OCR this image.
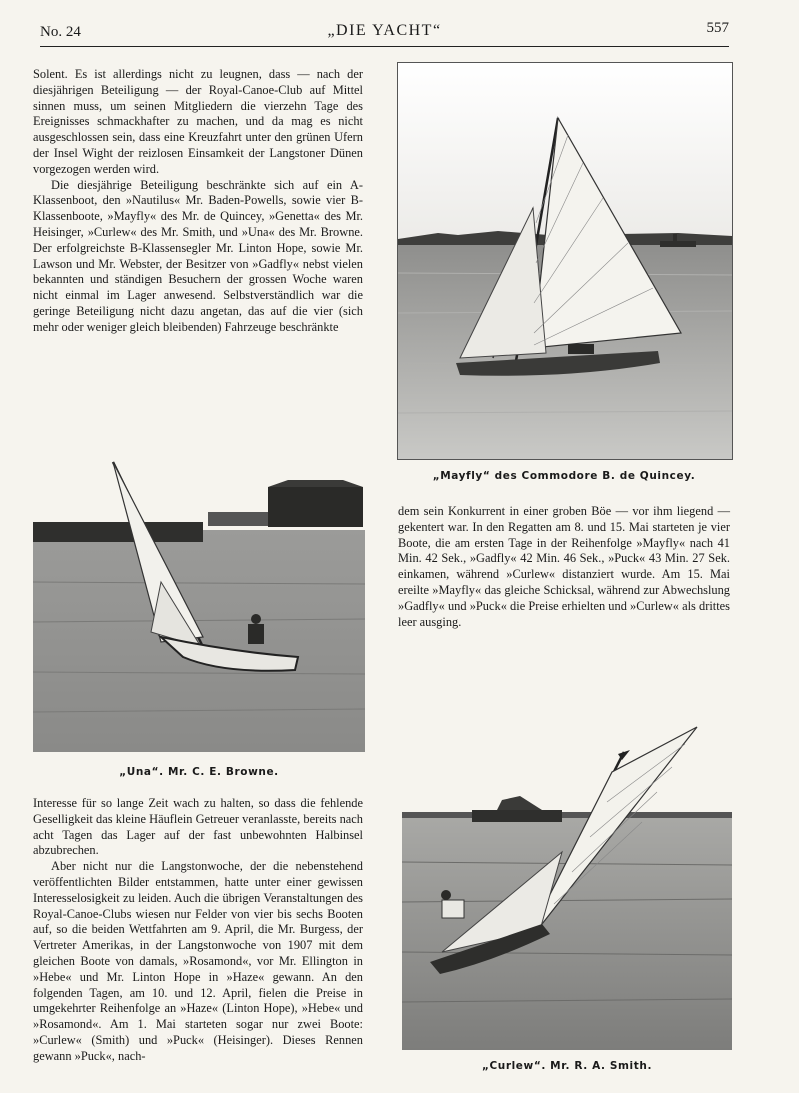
No. 24	„DIE YACHT“	557

Solent. Es ist allerdings nicht zu leugnen, dass — nach der diesjährigen Beteiligung — der Royal-Canoe-Club auf Mittel sinnen muss, um seinen Mitgliedern die vierzehn Tage des Ereignisses schmackhafter zu machen, und da mag es nicht ausgeschlossen sein, dass eine Kreuzfahrt unter den grünen Ufern der Insel Wight der reizlosen Einsamkeit der Langstoner Dünen vorgezogen werden wird.

Die diesjährige Beteiligung beschränkte sich auf ein A-Klassenboot, den »Nautilus« Mr. Baden-Powells, sowie vier B-Klassenboote, »Mayfly« des Mr. de Quincey, »Genetta« des Mr. Heisinger, »Curlew« des Mr. Smith, und »Una« des Mr. Browne. Der erfolgreichste B-Klassensegler Mr. Linton Hope, sowie Mr. Lawson und Mr. Webster, der Besitzer von »Gadfly« nebst vielen bekannten und ständigen Besuchern der grossen Woche waren nicht einmal im Lager anwesend. Selbstverständlich war die geringe Beteiligung nicht dazu angetan, das auf die vier (sich mehr oder weniger gleich bleibenden) Fahrzeuge beschränkte

„Mayfly“ des Commodore B. de Quincey.
„Una“. Mr. C. E. Browne.

dem sein Konkurrent in einer groben Böe — vor ihm liegend — gekentert war. In den Regatten am 8. und 15. Mai starteten je vier Boote, die am ersten Tage in der Reihenfolge »Mayfly« nach 41 Min. 42 Sek., »Gadfly« 42 Min. 46 Sek., »Puck« 43 Min. 27 Sek. einkamen, während »Curlew« distanziert wurde. Am 15. Mai ereilte »Mayfly« das gleiche Schicksal, während zur Abwechslung »Gadfly« und »Puck« die Preise erhielten und »Curlew« als drittes leer ausging.

Interesse für so lange Zeit wach zu halten, so dass die fehlende Geselligkeit das kleine Häuflein Getreuer veranlasste, bereits nach acht Tagen das Lager auf der fast unbewohnten Halbinsel abzubrechen.

Aber nicht nur die Langstonwoche, der die nebenstehend veröffentlichten Bilder entstammen, hatte unter einer gewissen Interesselosigkeit zu leiden. Auch die übrigen Veranstaltungen des Royal-Canoe-Clubs wiesen nur Felder von vier bis sechs Booten auf, so die beiden Wettfahrten am 9. April, die Mr. Burgess, der Vertreter Amerikas, in der Langstonwoche von 1907 mit dem gleichen Boote von damals, »Rosamond«, vor Mr. Ellington in »Hebe« und Mr. Linton Hope in »Haze« gewann. An den folgenden Tagen, am 10. und 12. April, fielen die Preise in umgekehrter Reihenfolge an »Haze« (Linton Hope), »Hebe« und »Rosamond«. Am 1. Mai starteten sogar nur zwei Boote: »Curlew« (Smith) und »Puck« (Heisinger). Dieses Rennen gewann »Puck«, nach-

„Curlew“. Mr. R. A. Smith.
